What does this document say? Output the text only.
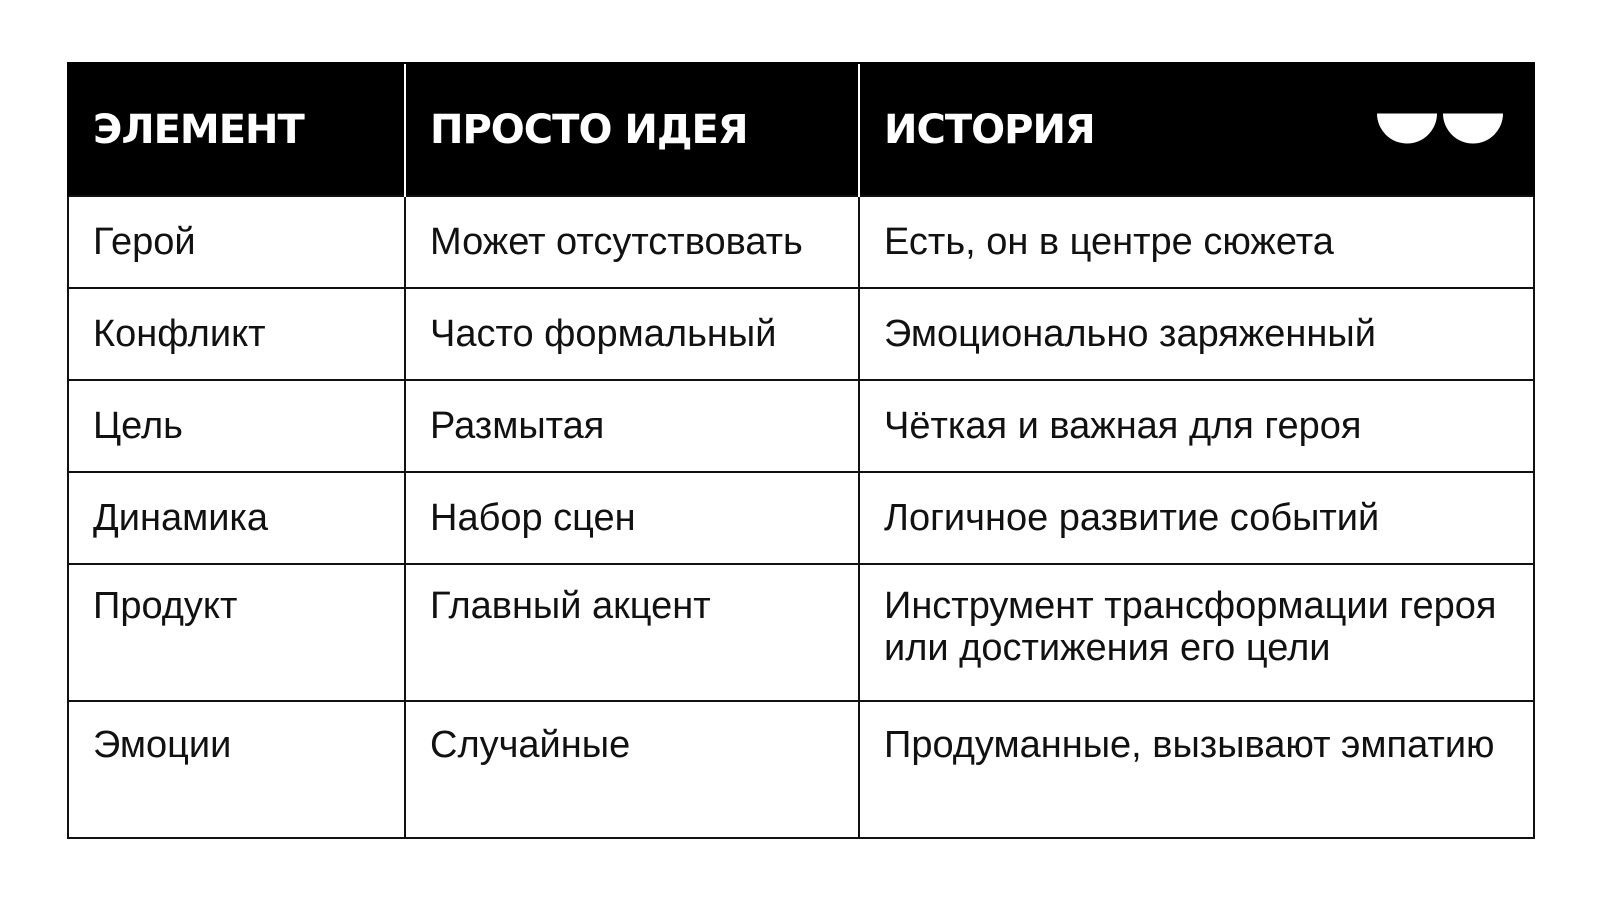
ЭЛЕМЕНТ	ПРОСТО ИДЕЯ	ИСТОРИЯ

Герой	Может отсутствовать	Есть, он в центре сюжета
Конфликт	Часто формальный	Эмоционально заряженный
Цель	Размытая	Чёткая и важная для героя
Динамика	Набор сцен	Логичное развитие событий
Продукт	Главный акцент	Инструмент трансформации героя или достижения его цели
Эмоции	Случайные	Продуманные, вызывают эмпатию
